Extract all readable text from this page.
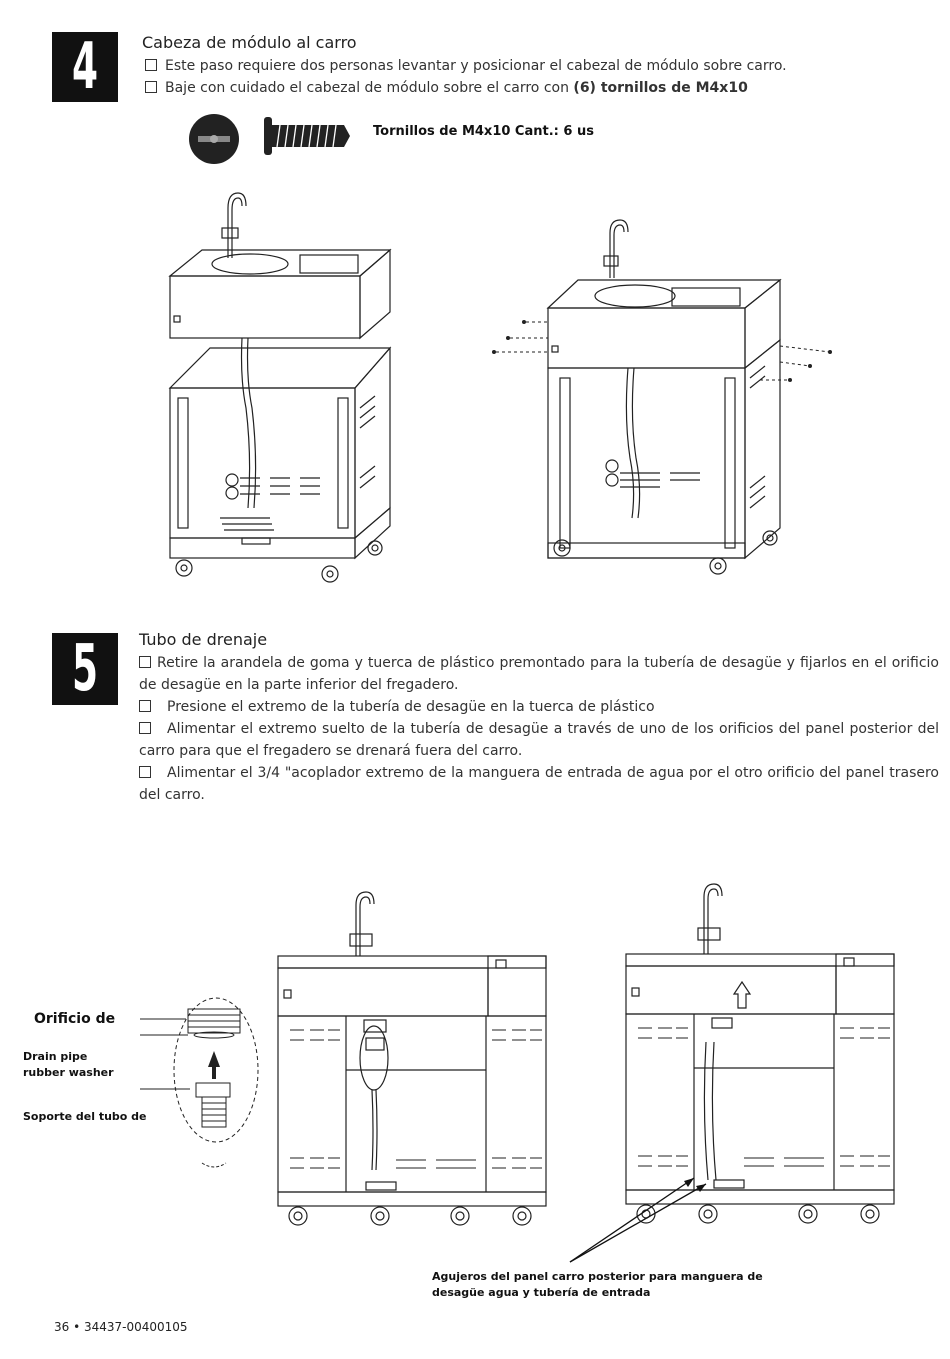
4	Cabeza de módulo al carro
Este paso requiere dos personas levantar y posicionar el cabezal de módulo sobre carro.
Baje con cuidado el cabezal de módulo sobre el carro con (6) tornillos de M4x10
Tornillos de M4x10 Cant.: 6 us
5	Tubo de drenaje
Retire la arandela de goma y tuerca de plástico premontado para la tubería de desagüe y fijarlos en el orificio de desagüe en la parte inferior del fregadero.
Presione el extremo de la tubería de desagüe en la tuerca de plástico
Alimentar el extremo suelto de la tubería de desagüe a través de uno de los orificios del panel posterior del carro para que el fregadero se drenará fuera del carro.
Alimentar el 3/4 "acoplador extremo de la manguera de entrada de agua por el otro orificio del panel trasero del carro.
Orificio de
Drain pipe
rubber washer
Soporte del tubo de
Agujeros del panel carro posterior para manguera de
desagüe agua y tubería de entrada
36 • 34437-00400105
